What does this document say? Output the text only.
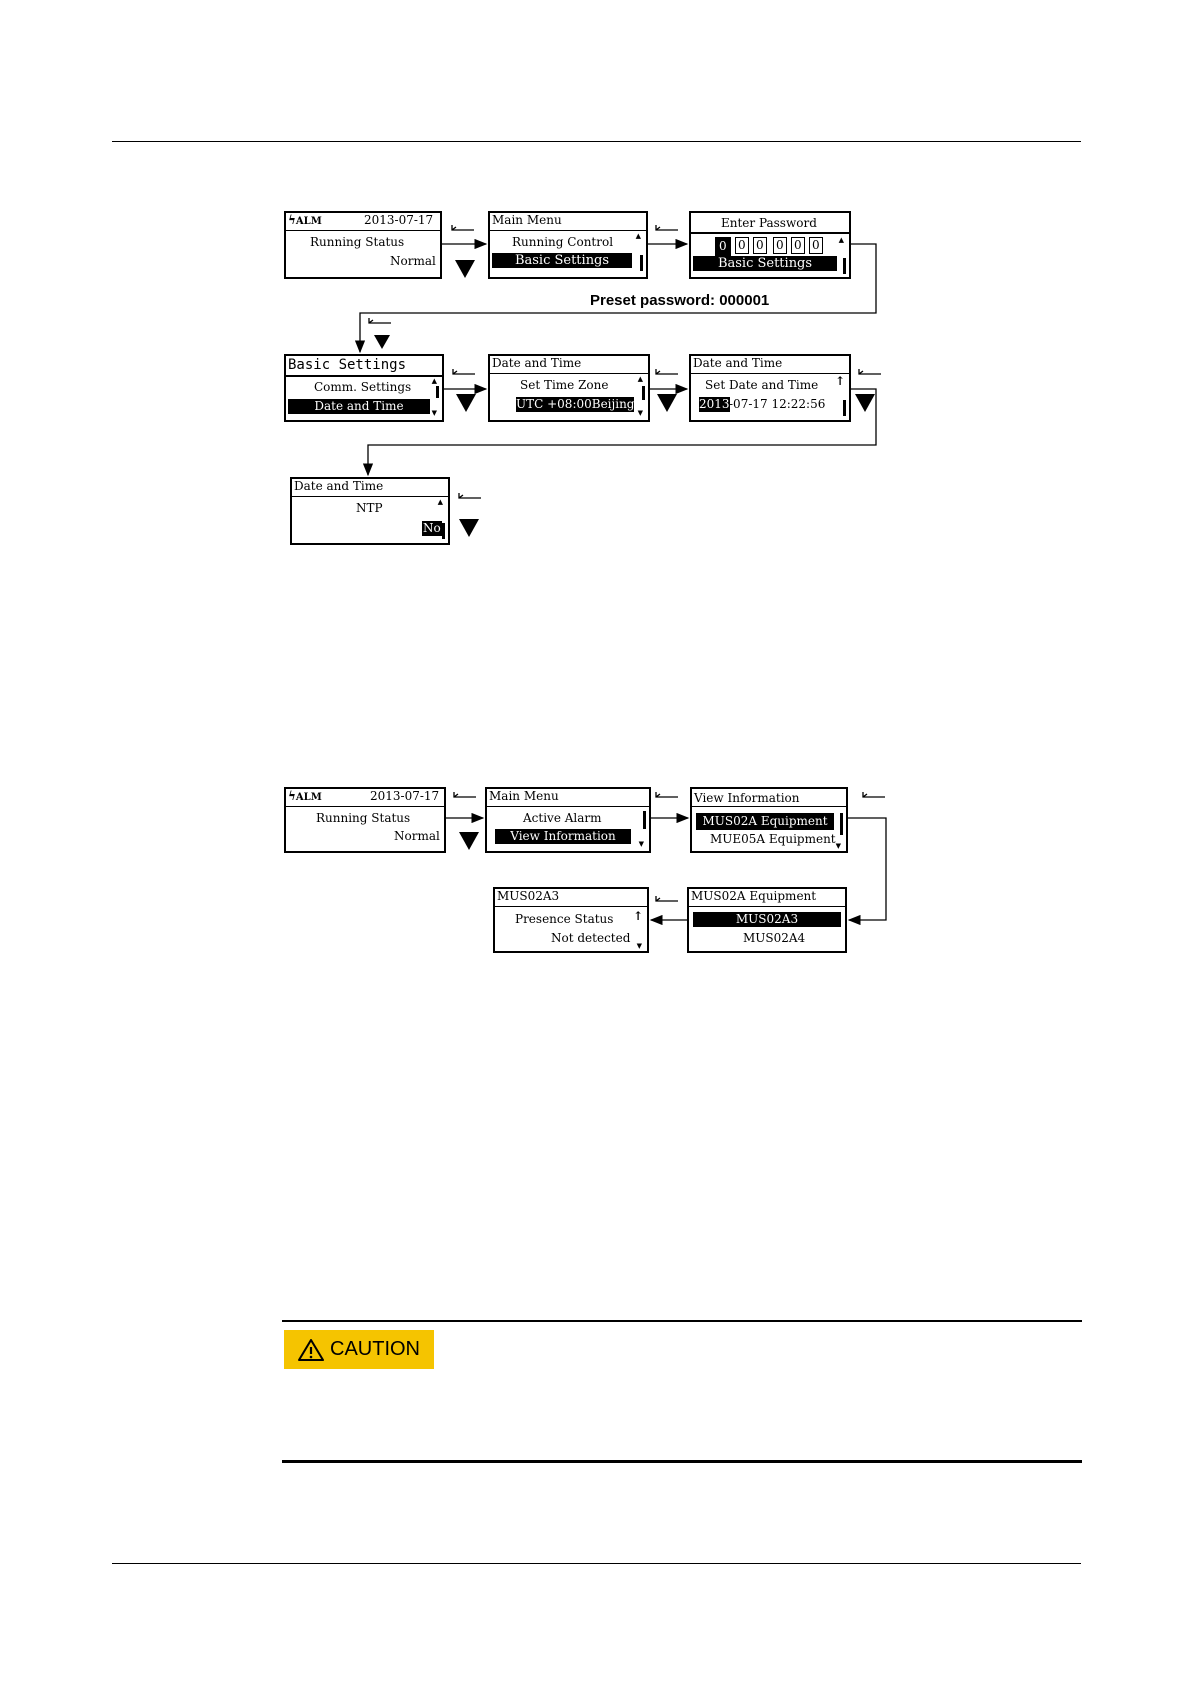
ϟALM	2013-07-17
Running Status
Normal
Main Menu
Running Control
Basic Settings
▲
Enter Password
0 0 0 0 0 0
Basic Settings
▲
Preset password: 000001
Basic Settings
Comm. Settings
Date and Time
▲
▼
Date and Time
Set Time Zone
UTC +08:00Beijing
▲
▼
Date and Time
Set Date and Time
2013 -07-17 12:22:56
↑
Date and Time
NTP
No
▲
ϟALM	2013-07-17
Running Status
Normal
Main Menu
Active Alarm
View Information
▼
View Information
MUS02A Equipment
MUE05A Equipment ▼
MUS02A Equipment
MUS02A3
MUS02A4
MUS02A3
Presence Status
Not detected
↑
▼
CAUTION
